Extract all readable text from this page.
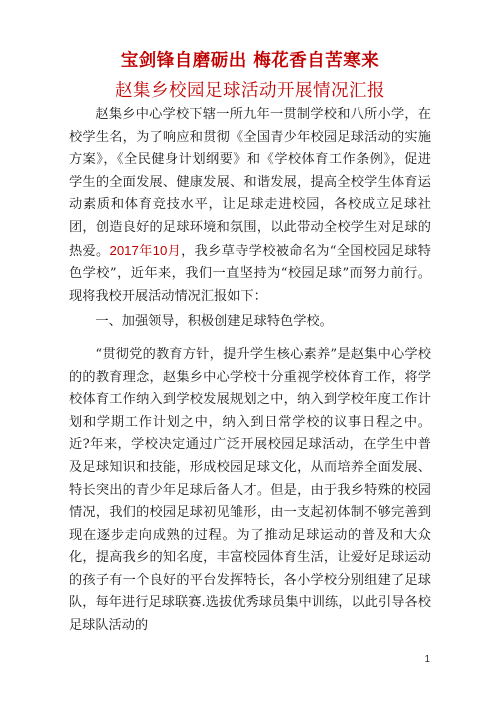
宝剑锋自磨砺出 梅花香自苦寒来
赵集乡校园足球活动开展情况汇报

赵集乡中心学校下辖一所九年一贯制学校和八所小学，在校学生名，为了响应和贯彻《全国青少年校园足球活动的实施方案》，《全民健身计划纲要》和《学校体育工作条例》，促进学生的全面发展、健康发展、和谐发展，提高全校学生体育运动素质和体育竞技水平，让足球走进校园，各校成立足球社团，创造良好的足球环境和氛围，以此带动全校学生对足球的热爱。2017年10月，我乡草寺学校被命名为“全国校园足球特色学校”，近年来，我们一直坚持为“校园足球”而努力前行。现将我校开展活动情况汇报如下：

一、加强领导，积极创建足球特色学校。

“贯彻党的教育方针，提升学生核心素养”是赵集中心学校的的教育理念，赵集乡中心学校十分重视学校体育工作，将学校体育工作纳入到学校发展规划之中，纳入到学校年度工作计划和学期工作计划之中，纳入到日常学校的议事日程之中。近?年来，学校决定通过广泛开展校园足球活动，在学生中普及足球知识和技能，形成校园足球文化，从而培养全面发展、特长突出的青少年足球后备人才。但是，由于我乡特殊的校园情况，我们的校园足球初见雏形，由一支起初体制不够完善到现在逐步走向成熟的过程。为了推动足球运动的普及和大众化，提高我乡的知名度，丰富校园体育生活，让爱好足球运动的孩子有一个良好的平台发挥特长，各小学校分别组建了足球队，每年进行足球联赛.选拔优秀球员集中训练，以此引导各校足球队活动的

1
